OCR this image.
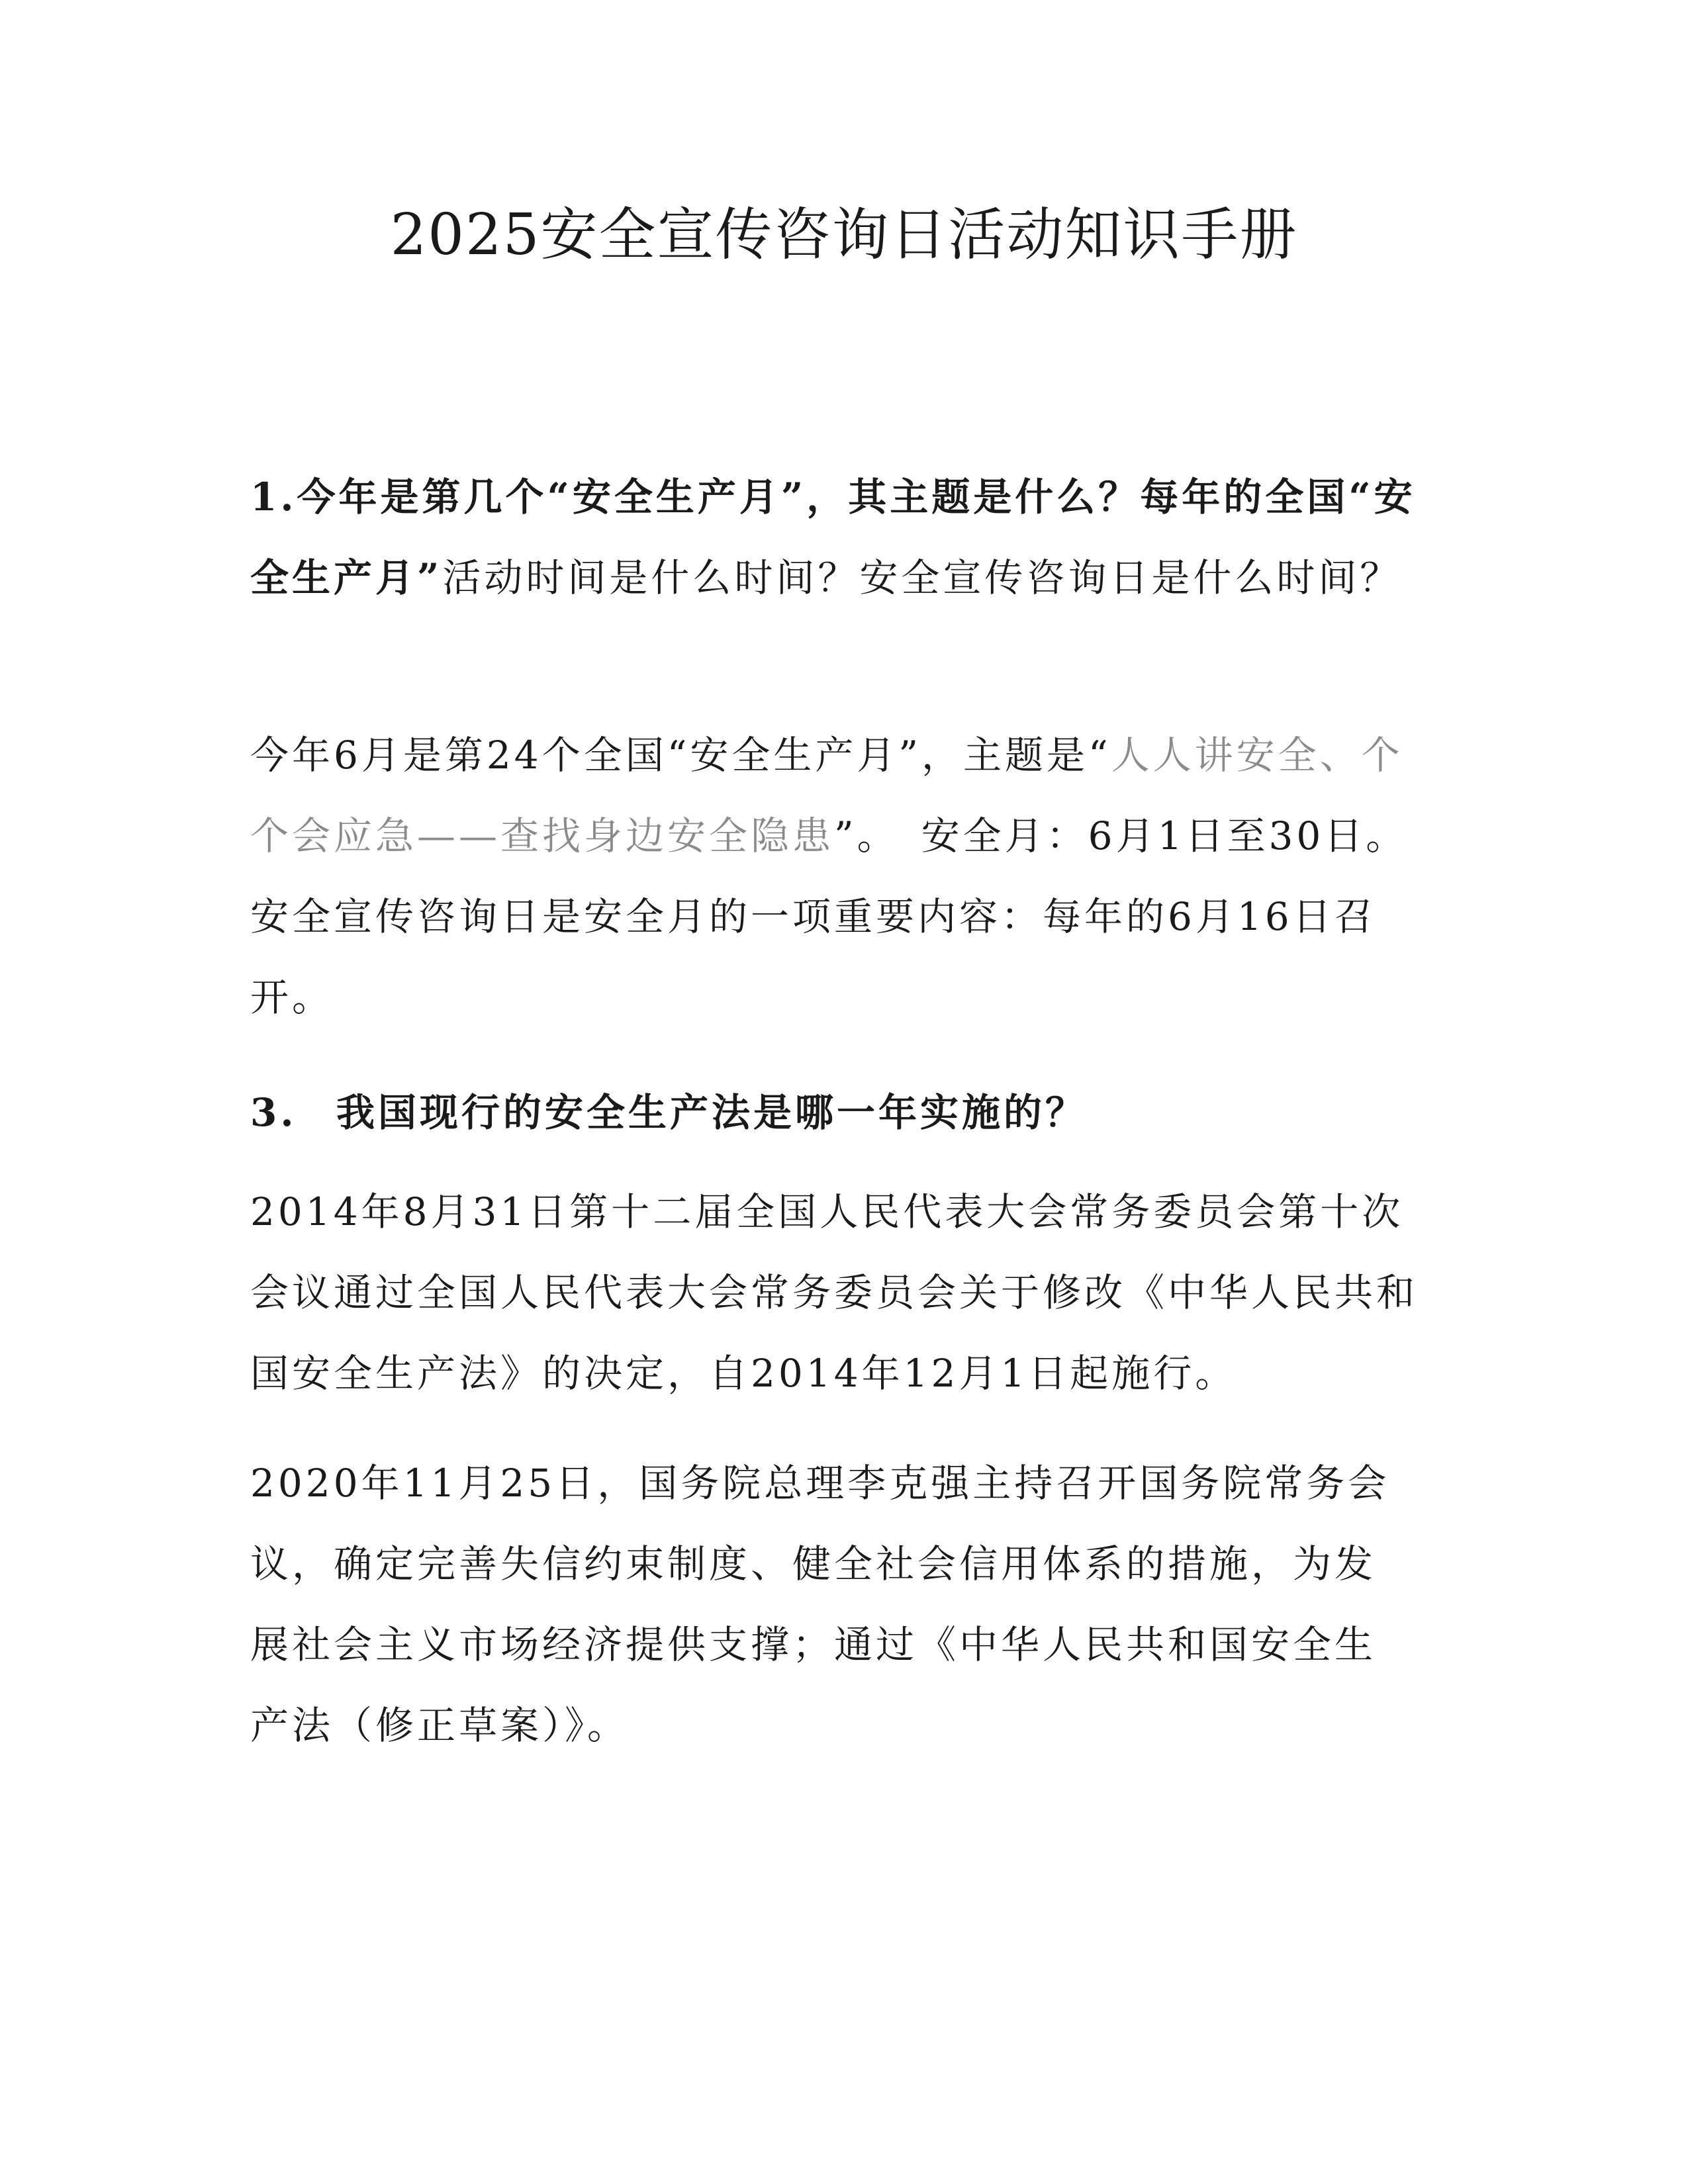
2025安全宣传咨询日活动知识手册

1.今年是第几个“安全生产月”，其主题是什么？每年的全国“安全生产月”活动时间是什么时间？安全宣传咨询日是什么时间？

今年6月是第24个全国“安全生产月”，主题是“人人讲安全、个个会应急——查找身边安全隐患”。　安全月：6月1日至30日。安全宣传咨询日是安全月的一项重要内容：每年的6月16日召开。

3. 我国现行的安全生产法是哪一年实施的？

2014年8月31日第十二届全国人民代表大会常务委员会第十次会议通过全国人民代表大会常务委员会关于修改《中华人民共和国安全生产法》的决定，自2014年12月1日起施行。

2020年11月25日，国务院总理李克强主持召开国务院常务会议，确定完善失信约束制度、健全社会信用体系的措施，为发展社会主义市场经济提供支撑；通过《中华人民共和国安全生产法（修正草案）》。
